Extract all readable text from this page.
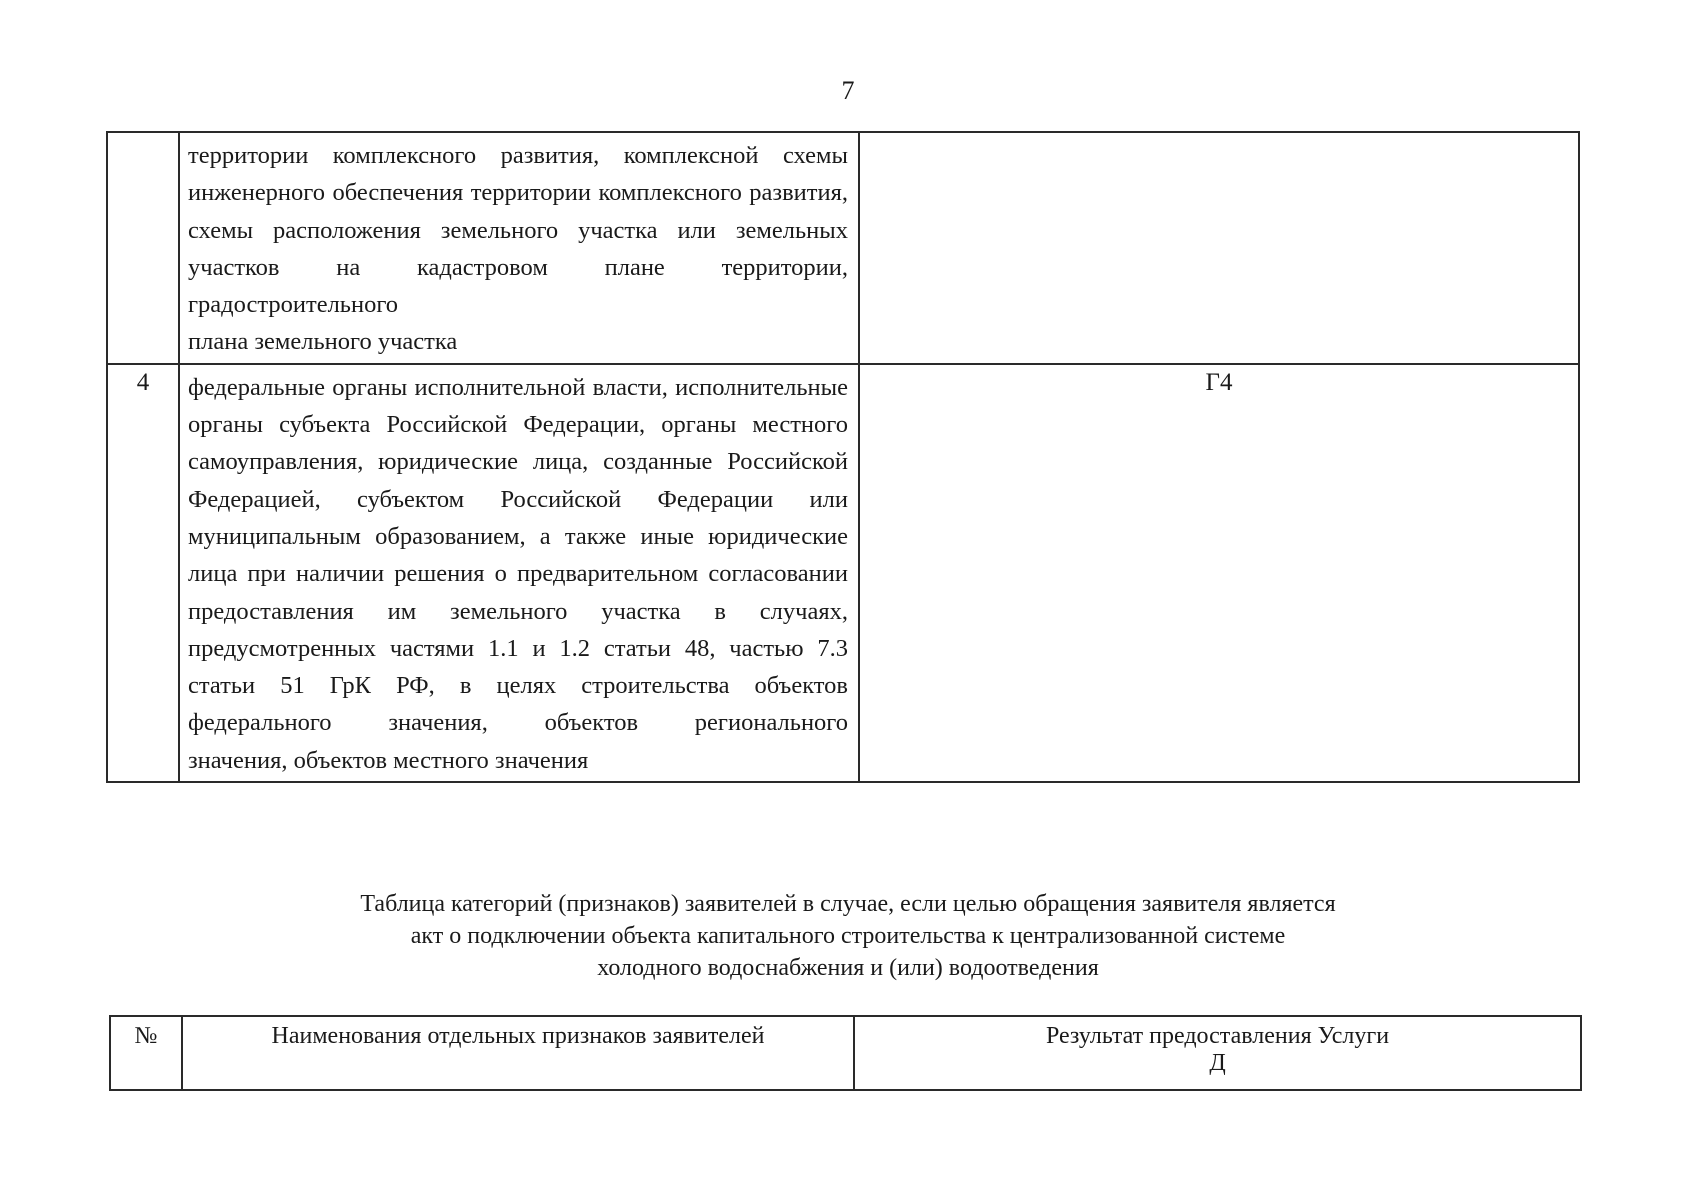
7
	территории комплексного развития, комплексной схемы инженерного обеспечения территории комплексного развития, схемы расположения земельного участка или земельных участков на кадастровом плане территории, градостроительного
плана земельного участка	

4	федеральные органы исполнительной власти, исполнительные органы субъекта Российской Федерации, органы местного самоуправления, юридические лица, созданные Российской Федерацией, субъектом Российской Федерации или муниципальным образованием, а также иные юридические лица при наличии решения о предварительном согласовании предоставления им земельного участка в случаях, предусмотренных частями 1.1 и 1.2 статьи 48, частью 7.3 статьи 51 ГрК РФ, в целях строительства объектов федерального значения, объектов регионального
значения, объектов местного значения	Г4
Таблица категорий (признаков) заявителей в случае, если целью обращения заявителя является
акт о подключении объекта капитального строительства к централизованной системе
холодного водоснабжения и (или) водоотведения
№	Наименования отдельных признаков заявителей	Результат предоставления Услуги
Д
